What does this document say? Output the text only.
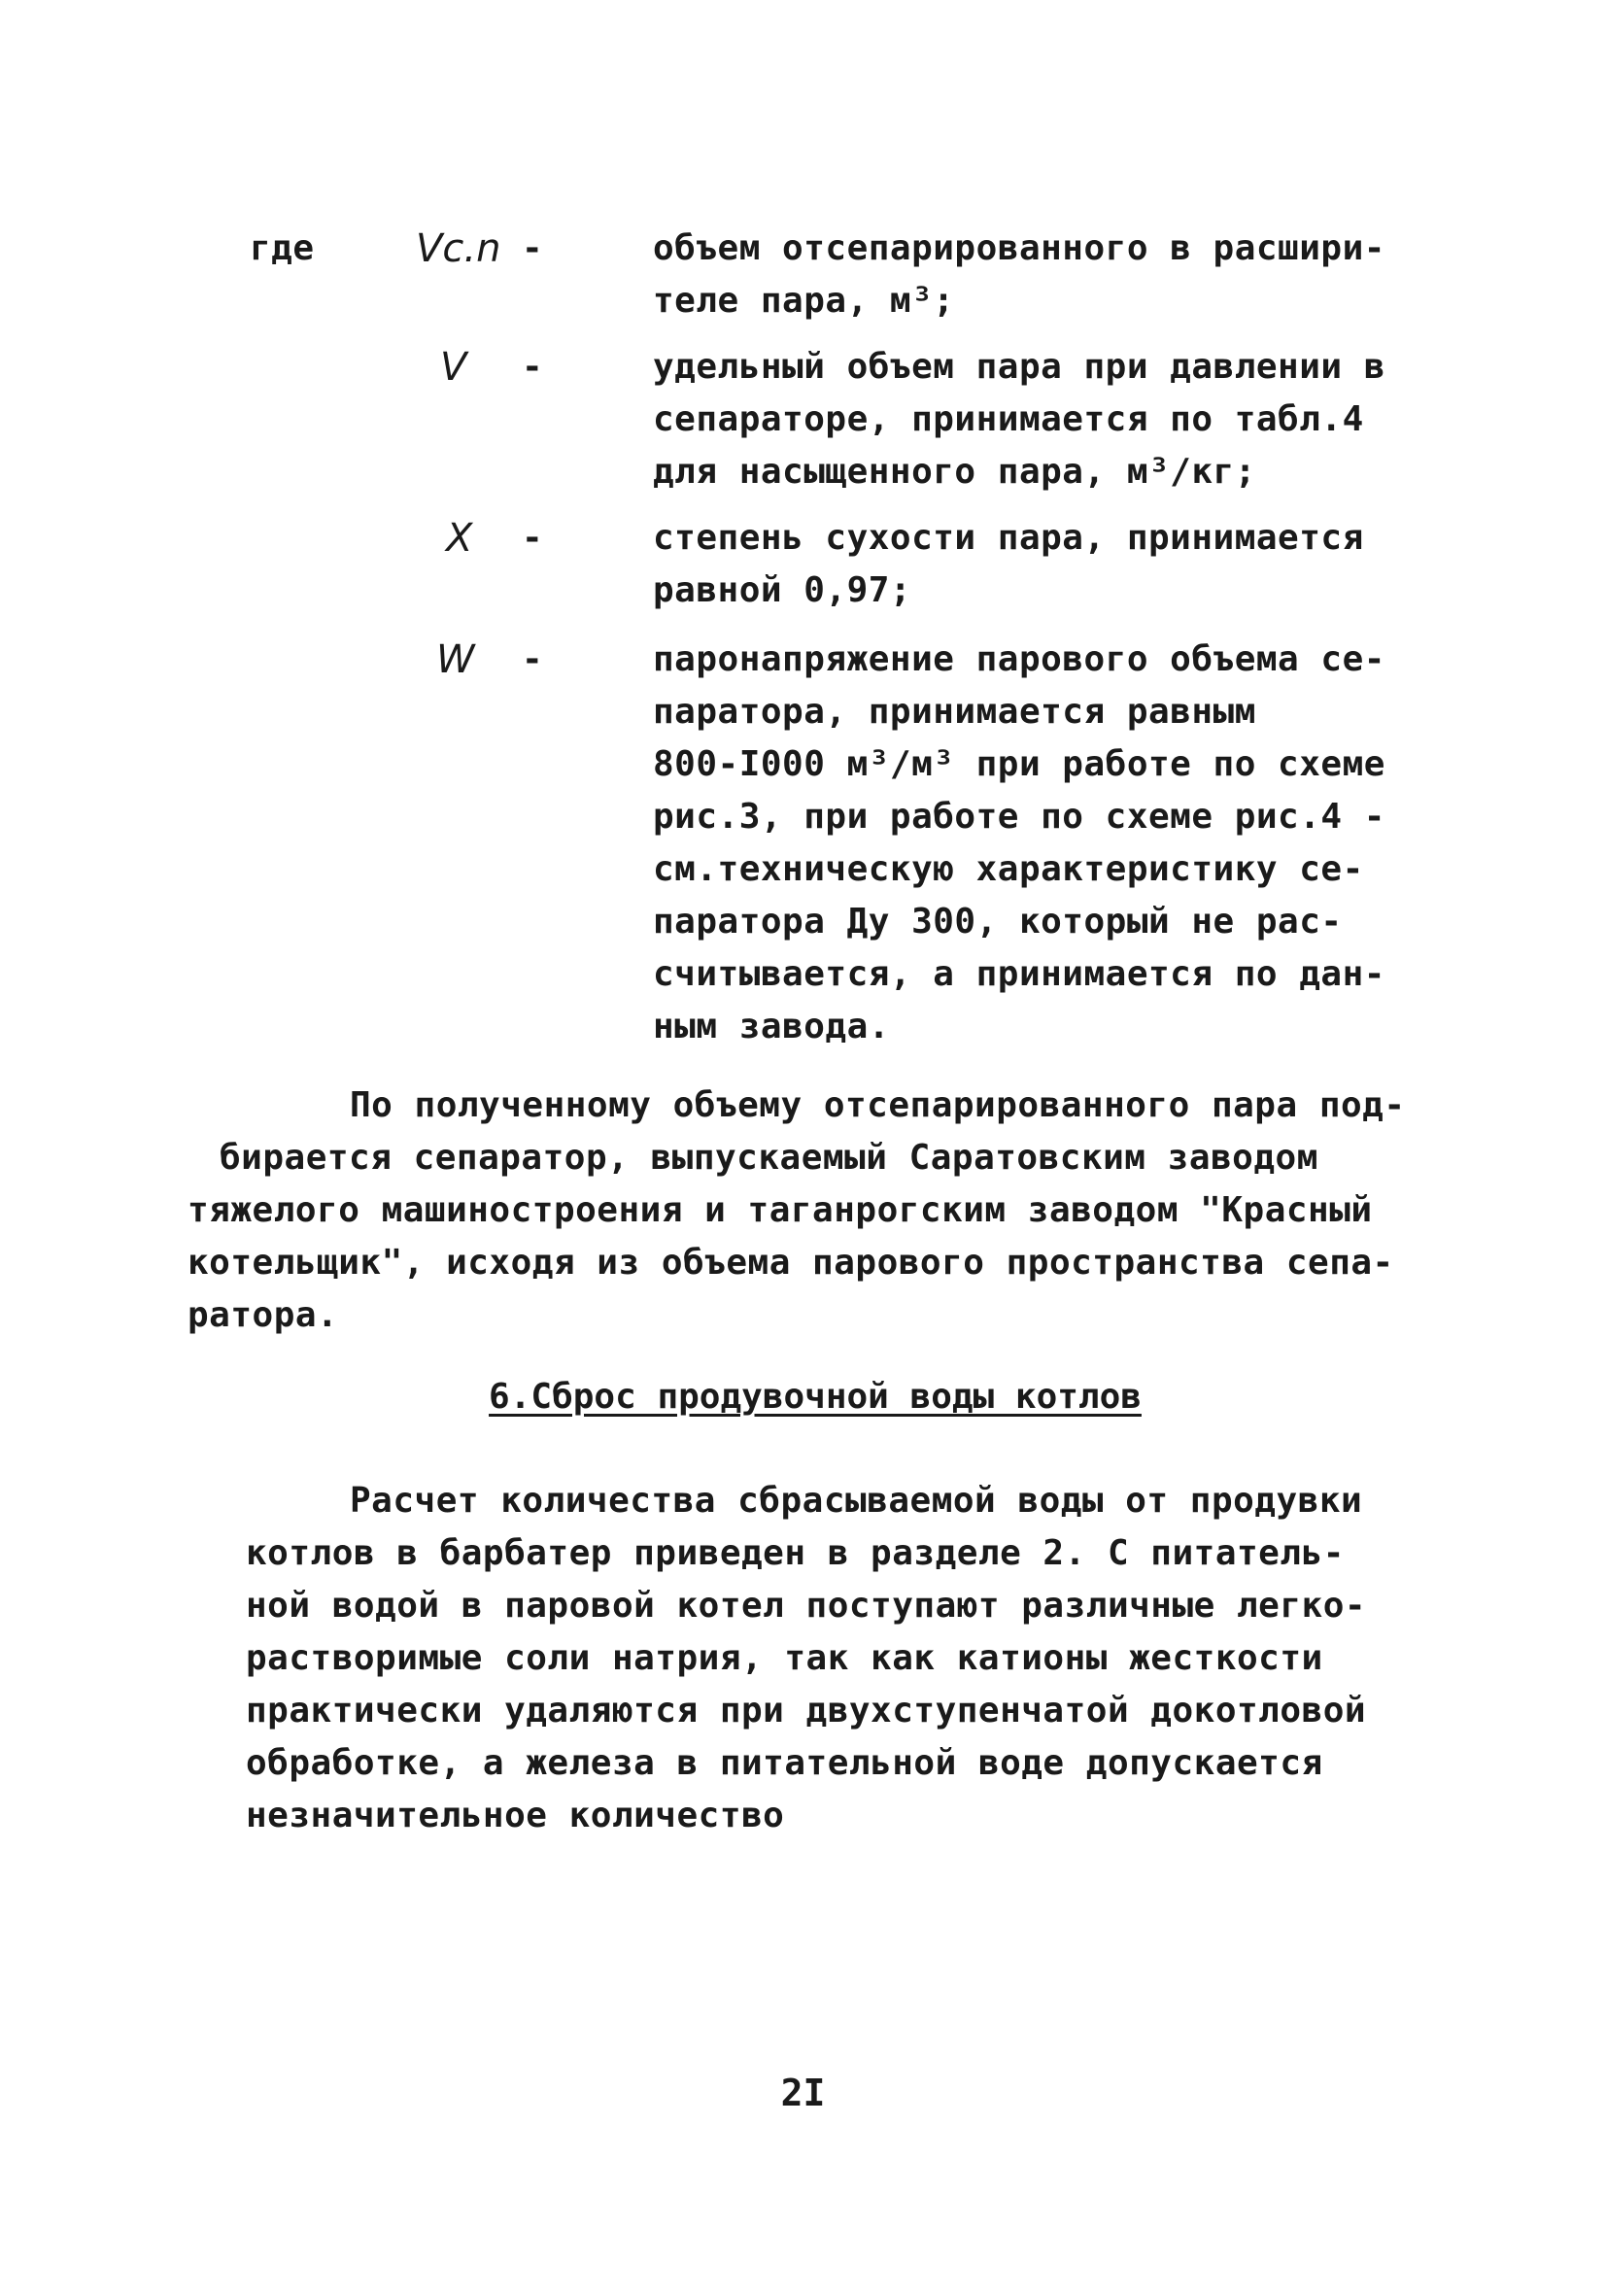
где	Vc.n -	объем отсепарированного в расшири-
теле пара, м³;
V -	удельный объем пара при давлении в
сепараторе, принимается по табл.4
для насыщенного пара, м³/кг;
X -	степень сухости пара, принимается
равной 0,97;
W -	паронапряжение парового объема се-
паратора, принимается равным
800-I000 м³/м³ при работе по схеме
рис.3, при работе по схеме рис.4 -
см.техническую характеристику се-
паратора Ду 300, который не рас-
считывается, а принимается по дан-
ным завода.
По полученному объему отсепарированного пара под-
бирается сепаратор, выпускаемый Саратовским заводом
тяжелого машиностроения и таганрогским заводом "Красный
котельщик", исходя из объема парового пространства сепа-
ратора.
6.Сброс продувочной воды котлов
Расчет количества сбрасываемой воды от продувки
котлов в барбатер приведен в разделе 2. С питатель-
ной водой в паровой котел поступают различные легко-
растворимые соли натрия, так как катионы жесткости
практически удаляются при двухступенчатой докотловой
обработке, а железа в питательной воде допускается
незначительное количество
2I
